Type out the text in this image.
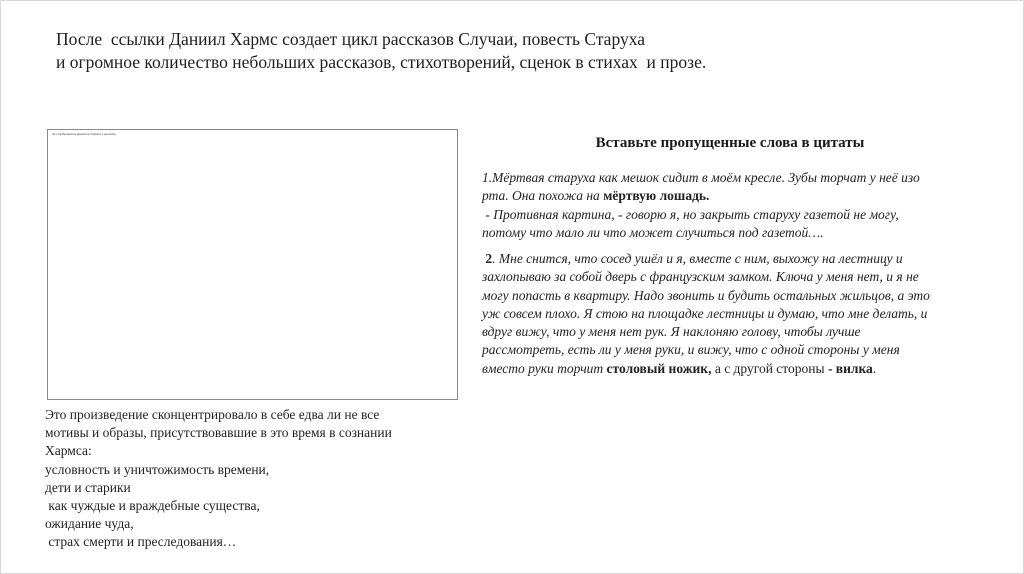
После  ссылки Даниил Хармс создает цикл рассказов Случаи, повесть Старуха
и огромное количество небольших рассказов, стихотворений, сценок в стихах  и прозе.
Это изображение Даниила Хармса к рассказу
Это произведение сконцентрировало в себе едва ли не все
мотивы и образы, присутствовавшие в это время в сознании
Хармса:
условность и уничтожимость времени,
дети и старики
как чуждые и враждебные существа,
ожидание чуда,
страх смерти и преследования…
Вставьте пропущенные слова в цитаты
1.Мёртвая старуха как мешок сидит в моём кресле. Зубы торчат у неё изо
рта. Она похожа на мёртвую лошадь.
- Противная картина, - говорю я, но закрыть старуху газетой не могу,
потому что мало ли что может случиться под газетой….
2. Мне снится, что сосед ушёл и я, вместе с ним, выхожу на лестницу и
захлопываю за собой дверь с французским замком. Ключа у меня нет, и я не
могу попасть в квартиру. Надо звонить и будить остальных жильцов, а это
уж совсем плохо. Я стою на площадке лестницы и думаю, что мне делать, и
вдруг вижу, что у меня нет рук. Я наклоняю голову, чтобы лучше
рассмотреть, есть ли у меня руки, и вижу, что с одной стороны у меня
вместо руки торчит столовый ножик, а с другой стороны - вилка.
